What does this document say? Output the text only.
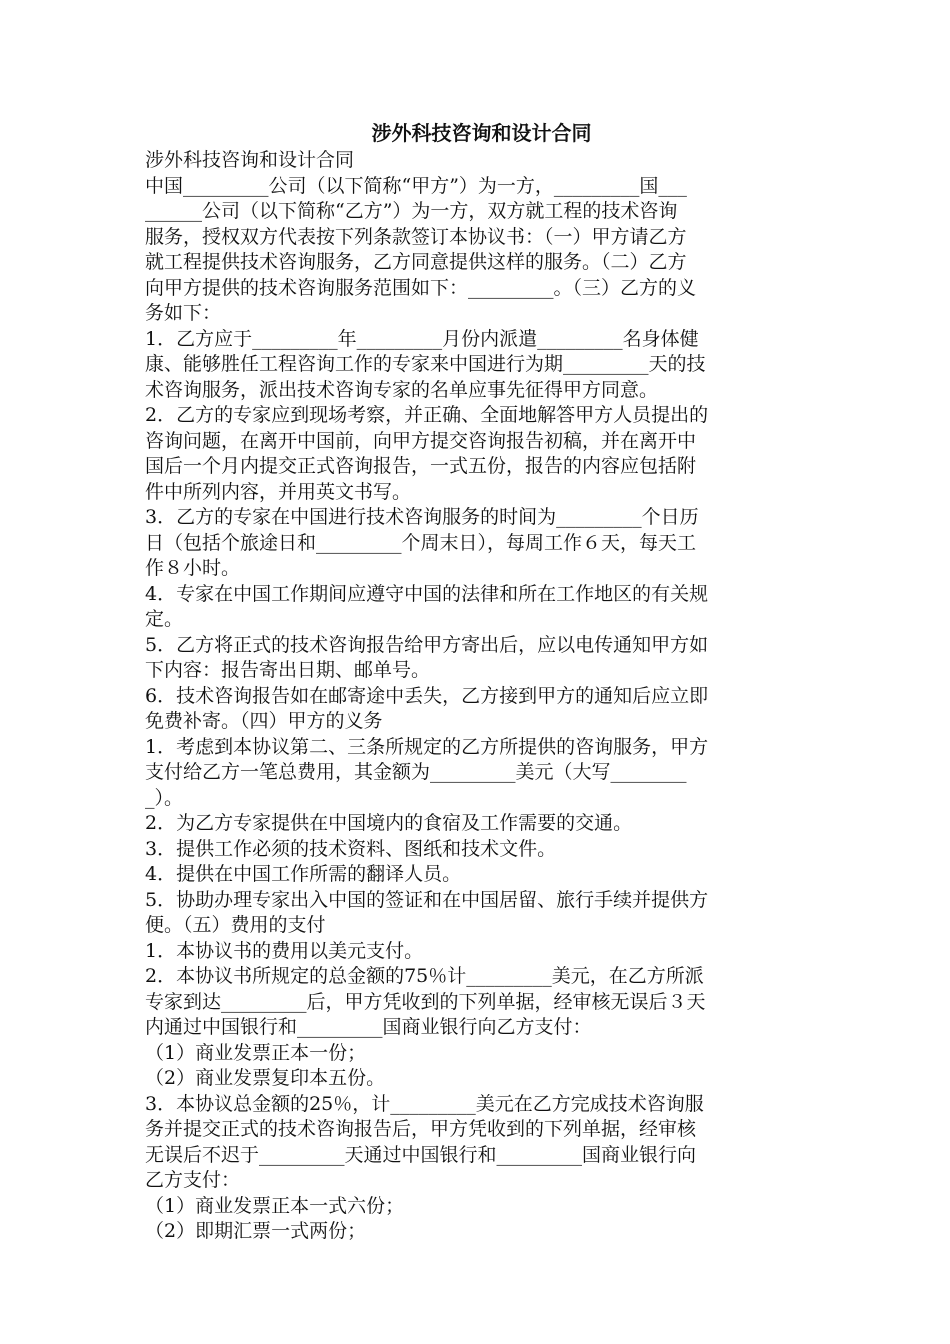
涉外科技咨询和设计合同
涉外科技咨询和设计合同
中国_________公司（以下简称“甲方”）为一方，_________国___
______公司（以下简称“乙方”）为一方，双方就工程的技术咨询
服务，授权双方代表按下列条款签订本协议书：（一）甲方请乙方
就工程提供技术咨询服务，乙方同意提供这样的服务。（二）乙方
向甲方提供的技术咨询服务范围如下：_________。（三）乙方的义
务如下：
1．乙方应于_________年_________月份内派遣_________名身体健
康、能够胜任工程咨询工作的专家来中国进行为期_________天的技
术咨询服务，派出技术咨询专家的名单应事先征得甲方同意。
2．乙方的专家应到现场考察，并正确、全面地解答甲方人员提出的
咨询问题，在离开中国前，向甲方提交咨询报告初稿，并在离开中
国后一个月内提交正式咨询报告，一式五份，报告的内容应包括附
件中所列内容，并用英文书写。
3．乙方的专家在中国进行技术咨询服务的时间为_________个日历
日（包括个旅途日和_________个周末日），每周工作６天，每天工
作８小时。
4．专家在中国工作期间应遵守中国的法律和所在工作地区的有关规
定。
5．乙方将正式的技术咨询报告给甲方寄出后，应以电传通知甲方如
下内容：报告寄出日期、邮单号。
6．技术咨询报告如在邮寄途中丢失，乙方接到甲方的通知后应立即
免费补寄。（四）甲方的义务
1．考虑到本协议第二、三条所规定的乙方所提供的咨询服务，甲方
支付给乙方一笔总费用，其金额为_________美元（大写________
_）。
2．为乙方专家提供在中国境内的食宿及工作需要的交通。
3．提供工作必须的技术资料、图纸和技术文件。
4．提供在中国工作所需的翻译人员。
5．协助办理专家出入中国的签证和在中国居留、旅行手续并提供方
便。（五）费用的支付
1．本协议书的费用以美元支付。
2．本协议书所规定的总金额的75％计_________美元，在乙方所派
专家到达_________后，甲方凭收到的下列单据，经审核无误后３天
内通过中国银行和_________国商业银行向乙方支付：
（1）商业发票正本一份；
（2）商业发票复印本五份。
3．本协议总金额的25％，计_________美元在乙方完成技术咨询服
务并提交正式的技术咨询报告后，甲方凭收到的下列单据，经审核
无误后不迟于_________天通过中国银行和_________国商业银行向
乙方支付：
（1）商业发票正本一式六份；
（2）即期汇票一式两份；
